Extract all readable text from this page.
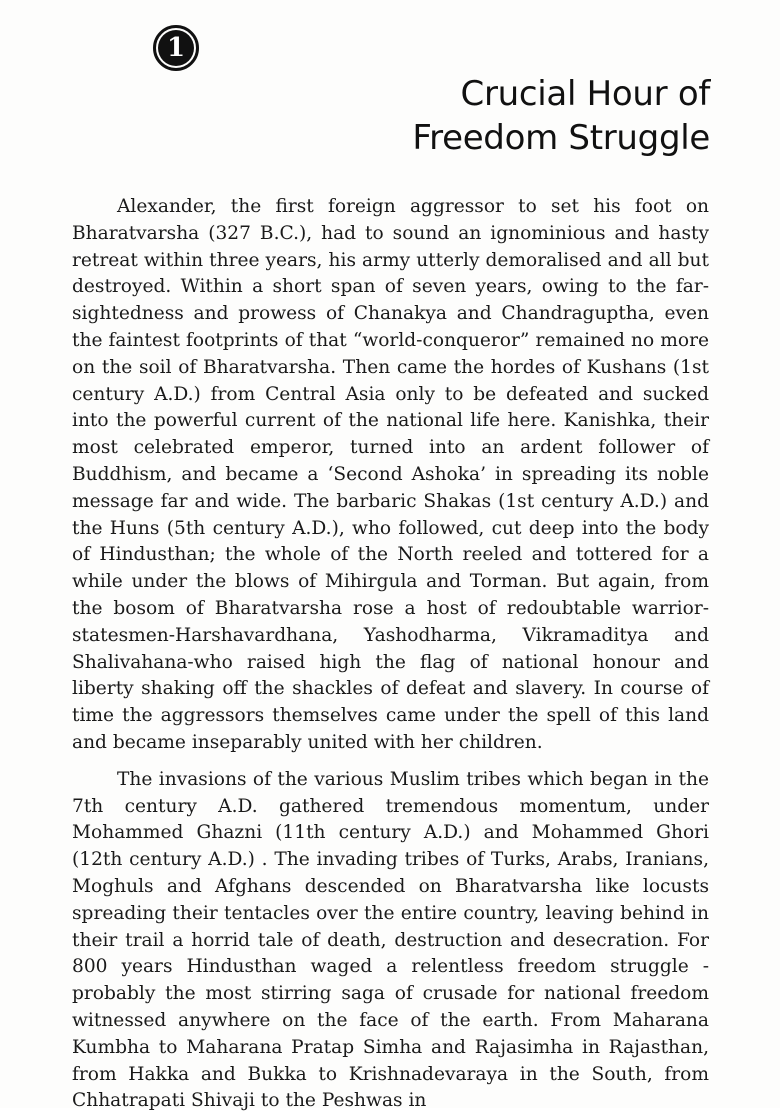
1
Crucial Hour of
Freedom Struggle

Alexander, the first foreign aggressor to set his foot on Bharatvarsha (327 B.C.), had to sound an ignominious and hasty retreat within three years, his army utterly demoralised and all but destroyed. Within a short span of seven years, owing to the far-sightedness and prowess of Chanakya and Chandraguptha, even the faintest footprints of that “world-conqueror” remained no more on the soil of Bharatvarsha. Then came the hordes of Kushans (1st century A.D.) from Central Asia only to be defeated and sucked into the powerful current of the national life here. Kanishka, their most celebrated emperor, turned into an ardent follower of Buddhism, and became a ‘Second Ashoka’ in spreading its noble message far and wide. The barbaric Shakas (1st century A.D.) and the Huns (5th century A.D.), who followed, cut deep into the body of Hindusthan; the whole of the North reeled and tottered for a while under the blows of Mihirgula and Torman. But again, from the bosom of Bharatvarsha rose a host of redoubtable warrior-statesmen-Harshavardhana, Yashodharma, Vikramaditya and Shalivahana-who raised high the flag of national honour and liberty shaking off the shackles of defeat and slavery. In course of time the aggressors themselves came under the spell of this land and became inseparably united with her children.

The invasions of the various Muslim tribes which began in the 7th century A.D. gathered tremendous momentum, under Mohammed Ghazni (11th century A.D.) and Mohammed Ghori (12th century A.D.) . The invading tribes of Turks, Arabs, Iranians, Moghuls and Afghans descended on Bharatvarsha like locusts spreading their tentacles over the entire country, leaving behind in their trail a horrid tale of death, destruction and desecration. For 800 years Hindusthan waged a relentless freedom struggle - probably the most stirring saga of crusade for national freedom witnessed anywhere on the face of the earth. From Maharana Kumbha to Maharana Pratap Simha and Rajasimha in Rajasthan, from Hakka and Bukka to Krishnadevaraya in the South, from Chhatrapati Shivaji to the Peshwas in
